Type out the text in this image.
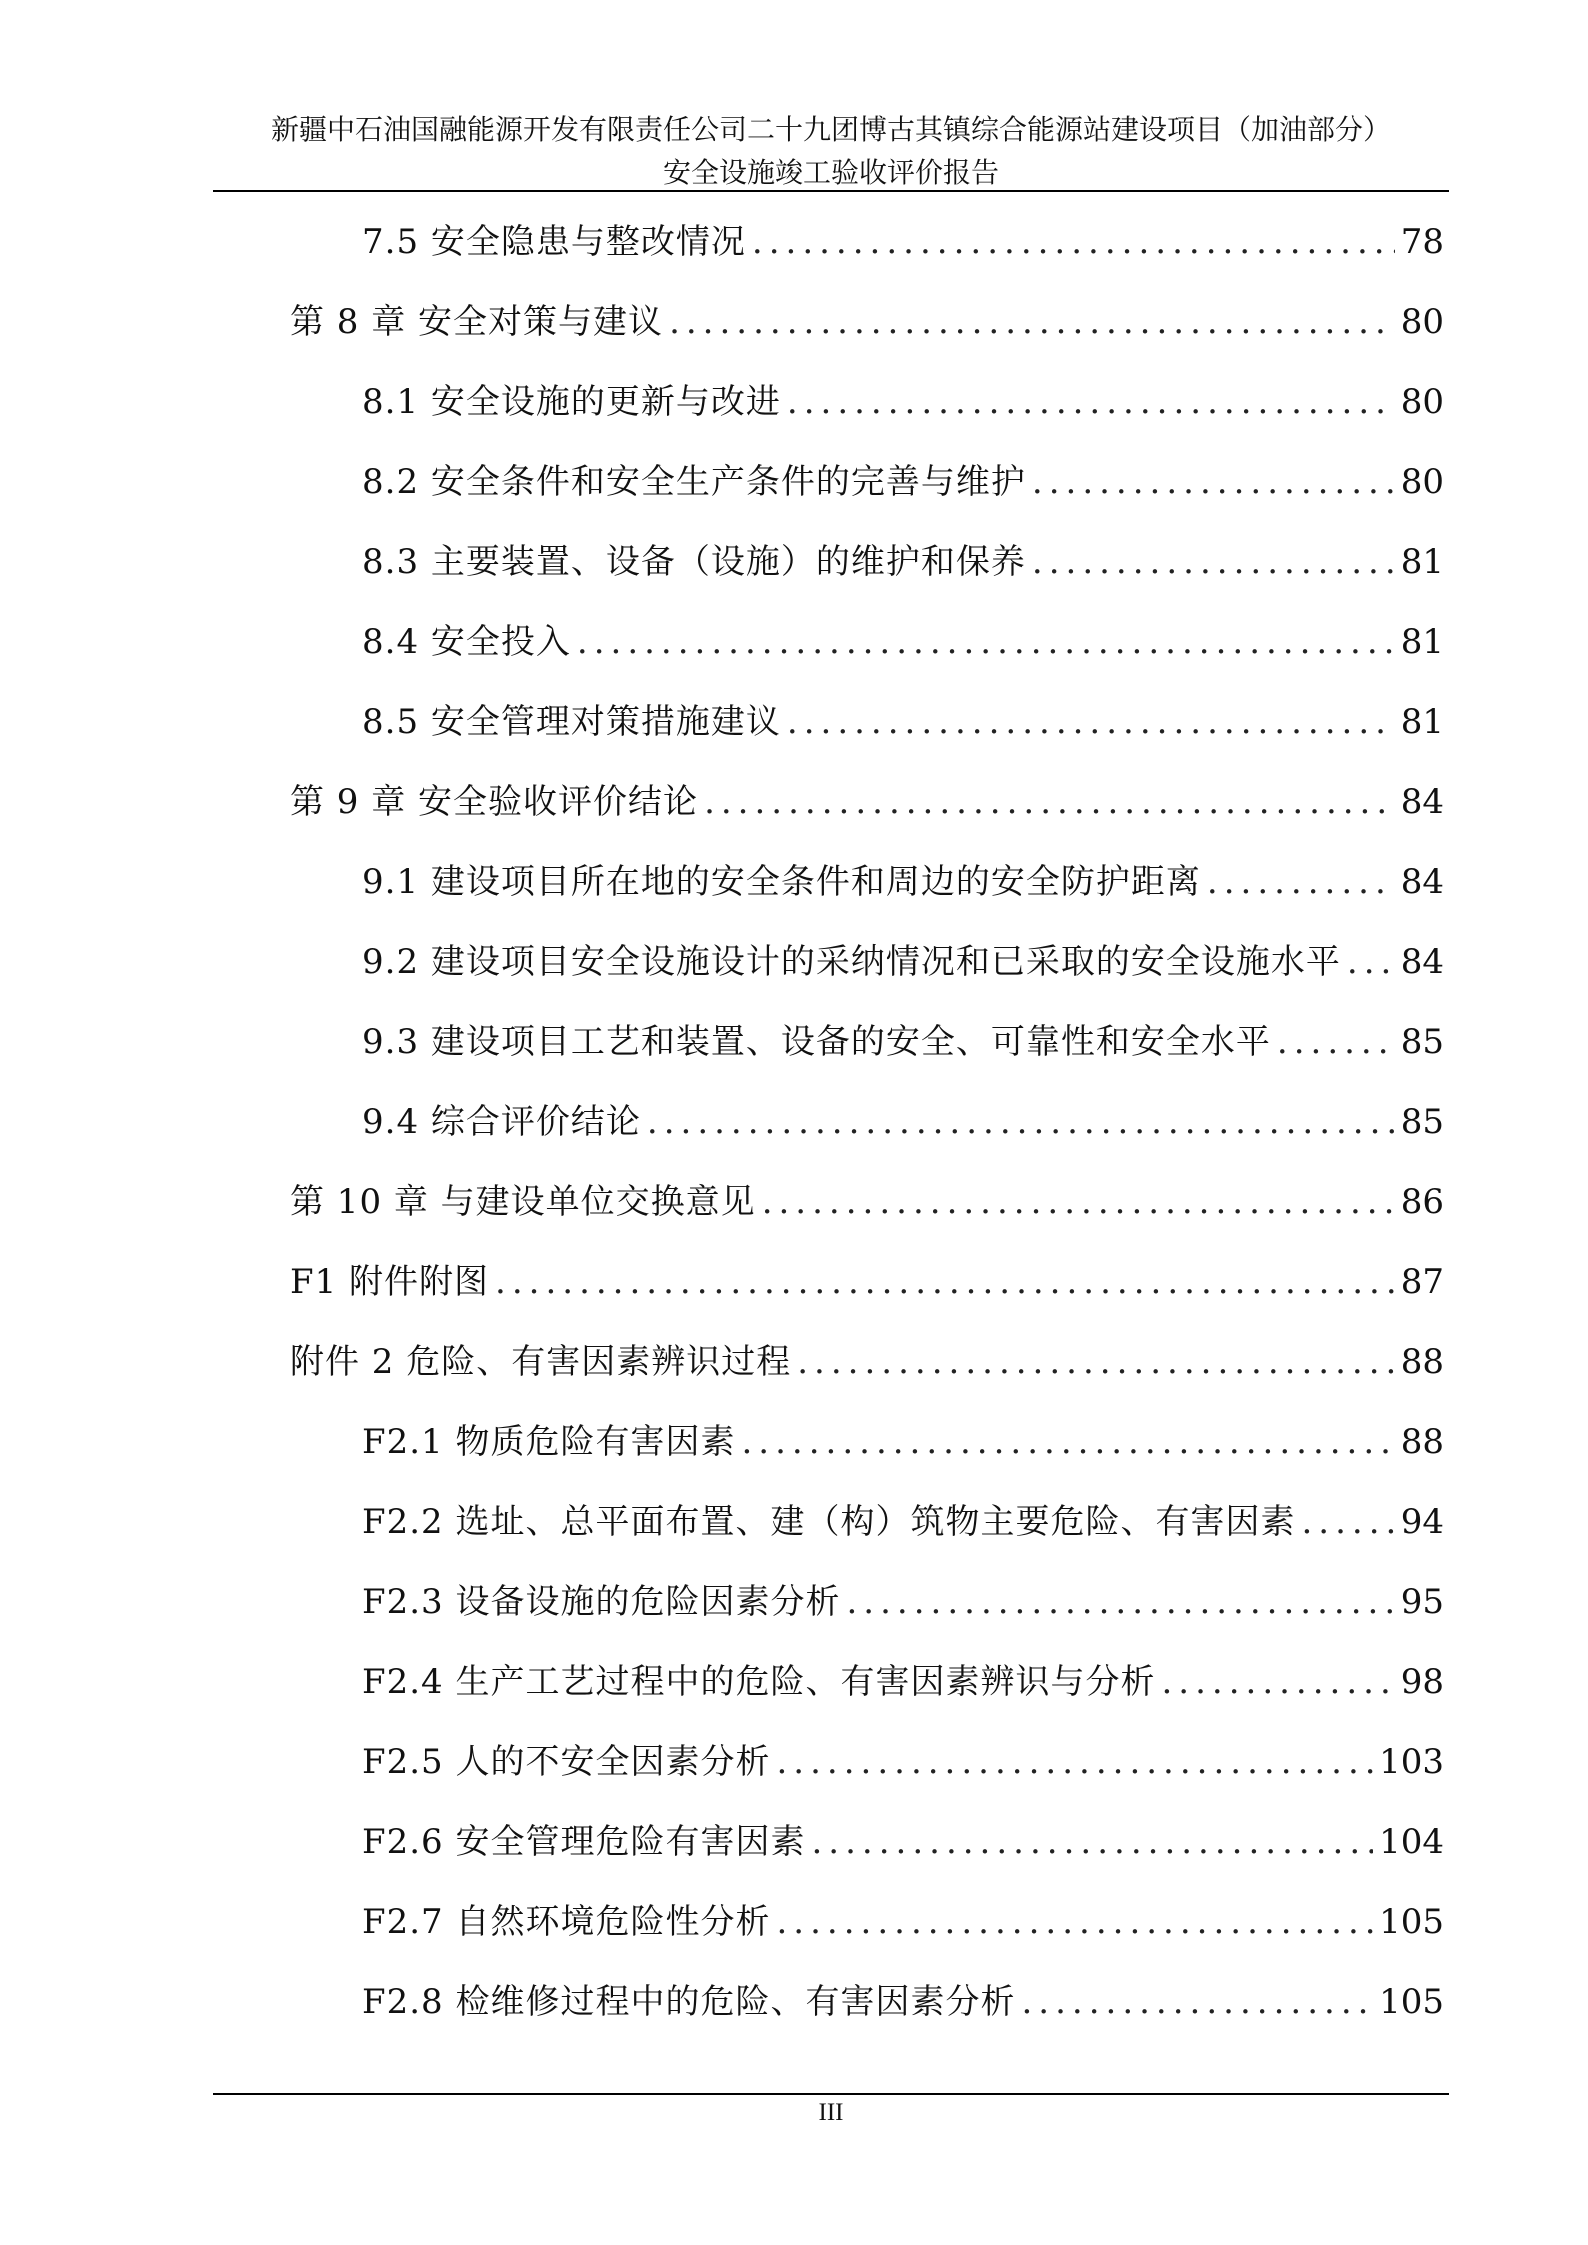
新疆中石油国融能源开发有限责任公司二十九团博古其镇综合能源站建设项目（加油部分）
安全设施竣工验收评价报告
7.5 安全隐患与整改情况 .....	78
第 8 章 安全对策与建议 .....	80
8.1 安全设施的更新与改进 .....	80
8.2 安全条件和安全生产条件的完善与维护 .....	80
8.3 主要装置、设备（设施）的维护和保养 .....	81
8.4 安全投入 .....	81
8.5 安全管理对策措施建议 .....	81
第 9 章 安全验收评价结论 .....	84
9.1 建设项目所在地的安全条件和周边的安全防护距离 .....	84
9.2 建设项目安全设施设计的采纳情况和已采取的安全设施水平 ..... 84
9.3 建设项目工艺和装置、设备的安全、可靠性和安全水平 .....	85
9.4 综合评价结论 .....	85
第 10 章 与建设单位交换意见 .....	86
F1 附件附图 .....	87
附件 2 危险、有害因素辨识过程 .....	88
F2.1 物质危险有害因素 .....	88
F2.2 选址、总平面布置、建（构）筑物主要危险、有害因素 .....	94
F2.3 设备设施的危险因素分析 .....	95
F2.4 生产工艺过程中的危险、有害因素辨识与分析 .....	98
F2.5 人的不安全因素分析 .....	103
F2.6 安全管理危险有害因素 .....	104
F2.7 自然环境危险性分析 .....	105
F2.8 检维修过程中的危险、有害因素分析 .....	105
III
